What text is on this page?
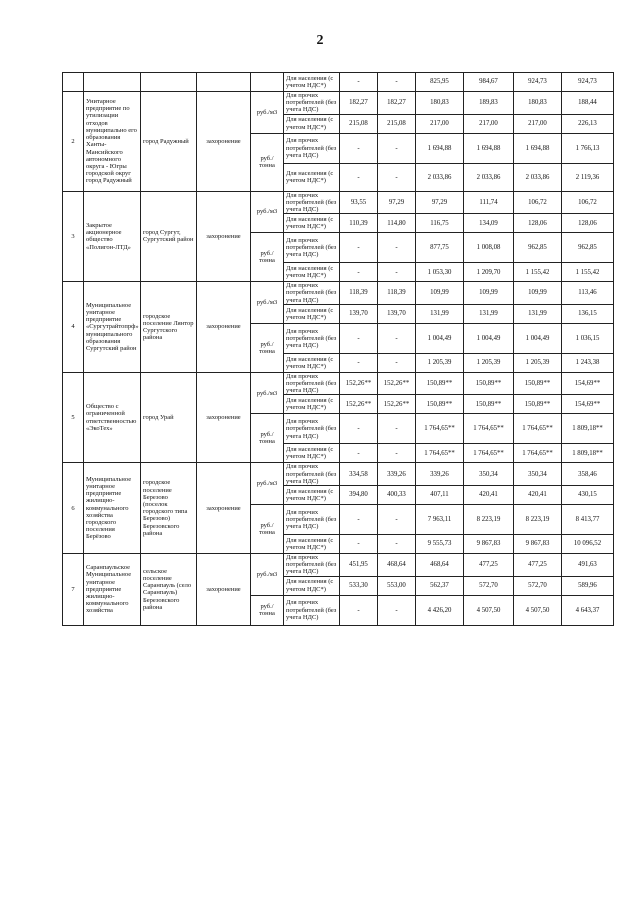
2
					Для населения (с учетом НДС*)	-	-	825,95	984,67	924,73	924,73
2	Унитарное предприятие по утилизации отходов муниципально его образования Ханты-Мансийского автономного округа - Югры городской округ город Радужный	город Радужный	захоронение	руб./м3	Для прочих потребителей (без учета НДС)	182,27	182,27	180,83	189,83	180,83	188,44
					Для населения (с учетом НДС*)	215,08	215,08	217,00	217,00	217,00	226,13
				руб./тонна	Для прочих потребителей (без учета НДС)	-	-	1 694,88	1 694,88	1 694,88	1 766,13
					Для населения (с учетом НДС*)	-	-	2 033,86	2 033,86	2 033,86	2 119,36
3	Закрытое акционерное общество «Полигон-ЛТД»	город Сургут, Сургутский район	захоронение	руб./м3	Для прочих потребителей (без учета НДС)	93,55	97,29	97,29	111,74	106,72	106,72
					Для населения (с учетом НДС*)	110,39	114,80	116,75	134,09	128,06	128,06
				руб./тонна	Для прочих потребителей (без учета НДС)	-	-	877,75	1 008,08	962,85	962,85
					Для населения (с учетом НДС*)	-	-	1 053,30	1 209,70	1 155,42	1 155,42
4	Муниципальное унитарное предприятие «Сургутрайтопрф» муниципального образования Сургутский район	городское поселение Лянтор Сургутского района	захоронение	руб./м3	Для прочих потребителей (без учета НДС)	118,39	118,39	109,99	109,99	109,99	113,46
					Для населения (с учетом НДС*)	139,70	139,70	131,99	131,99	131,99	136,15
				руб./тонна	Для прочих потребителей (без учета НДС)	-	-	1 004,49	1 004,49	1 004,49	1 036,15
					Для населения (с учетом НДС*)	-	-	1 205,39	1 205,39	1 205,39	1 243,38
5	Общество с ограниченной ответственностью «ЭкоТех»	город Урай	захоронение	руб./м3	Для прочих потребителей (без учета НДС)	152,26**	152,26**	150,89**	150,89**	150,89**	154,69**
					Для населения (с учетом НДС*)	152,26**	152,26**	150,89**	150,89**	150,89**	154,69**
				руб./тонна	Для прочих потребителей (без учета НДС)	-	-	1 764,65**	1 764,65**	1 764,65**	1 809,18**
					Для населения (с учетом НДС*)	-	-	1 764,65**	1 764,65**	1 764,65**	1 809,18**
6	Муниципальное унитарное предприятие жилищно-коммунального хозяйства городского поселения Берёзово	городское поселение Березово (поселок городского типа Березово) Березовского района	захоронение	руб./м3	Для прочих потребителей (без учета НДС)	334,58	339,26	339,26	350,34	350,34	358,46
					Для населения (с учетом НДС*)	394,80	400,33	407,11	420,41	420,41	430,15
				руб./тонна	Для прочих потребителей (без учета НДС)	-	-	7 963,11	8 223,19	8 223,19	8 413,77
					Для населения (с учетом НДС*)	-	-	9 555,73	9 867,83	9 867,83	10 096,52
7	Саранпаульское Муниципальное унитарное предприятие жилищно-коммунального хозяйства	сельское поселение Саранпауль (село Саранпауль) Березовского района	захоронение	руб./м3	Для прочих потребителей (без учета НДС)	451,95	468,64	468,64	477,25	477,25	491,63
					Для населения (с учетом НДС*)	533,30	553,00	562,37	572,70	572,70	589,96
				руб./тонна	Для прочих потребителей (без учета НДС)	-	-	4 426,20	4 507,50	4 507,50	4 643,37
